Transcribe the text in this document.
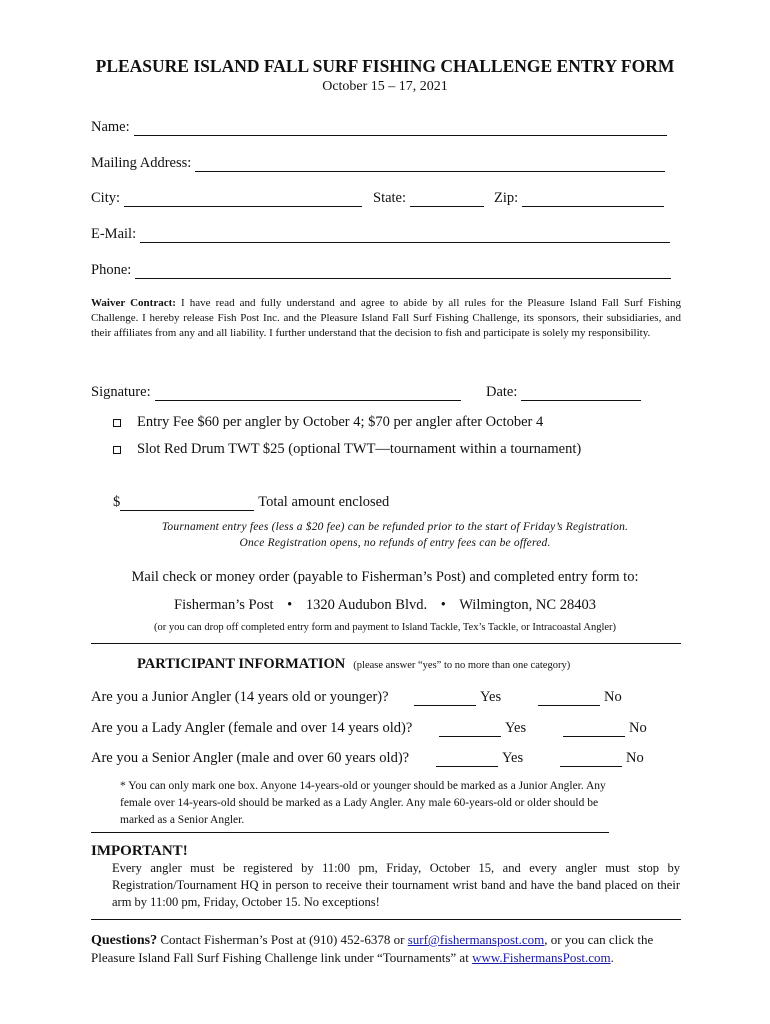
PLEASURE ISLAND FALL SURF FISHING CHALLENGE ENTRY FORM
October 15 – 17, 2021
Name:
Mailing Address:
City:	State:	Zip:
E-Mail:
Phone:
Waiver Contract: I have read and fully understand and agree to abide by all rules for the Pleasure Island Fall Surf Fishing Challenge. I hereby release Fish Post Inc. and the Pleasure Island Fall Surf Fishing Challenge, its sponsors, their subsidiaries, and their affiliates from any and all liability. I further understand that the decision to fish and participate is solely my responsibility.
Signature:	Date:
Entry Fee $60 per angler by October 4; $70 per angler after October 4
Slot Red Drum TWT $25 (optional TWT—tournament within a tournament)
$	Total amount enclosed
Tournament entry fees (less a $20 fee) can be refunded prior to the start of Friday’s Registration.
Once Registration opens, no refunds of entry fees can be offered.
Mail check or money order (payable to Fisherman’s Post) and completed entry form to:
Fisherman’s Post • 1320 Audubon Blvd. • Wilmington, NC 28403
(or you can drop off completed entry form and payment to Island Tackle, Tex’s Tackle, or Intracoastal Angler)
PARTICIPANT INFORMATION (please answer “yes” to no more than one category)
Are you a Junior Angler (14 years old or younger)?	Yes	No
Are you a Lady Angler (female and over 14 years old)?	Yes	No
Are you a Senior Angler (male and over 60 years old)?	Yes	No
* You can only mark one box. Anyone 14-years-old or younger should be marked as a Junior Angler. Any female over 14-years-old should be marked as a Lady Angler. Any male 60-years-old or older should be marked as a Senior Angler.
IMPORTANT!
Every angler must be registered by 11:00 pm, Friday, October 15, and every angler must stop by Registration/Tournament HQ in person to receive their tournament wrist band and have the band placed on their arm by 11:00 pm, Friday, October 15. No exceptions!
Questions? Contact Fisherman’s Post at (910) 452-6378 or surf@fishermanspost.com, or you can click the Pleasure Island Fall Surf Fishing Challenge link under “Tournaments” at www.FishermansPost.com.
